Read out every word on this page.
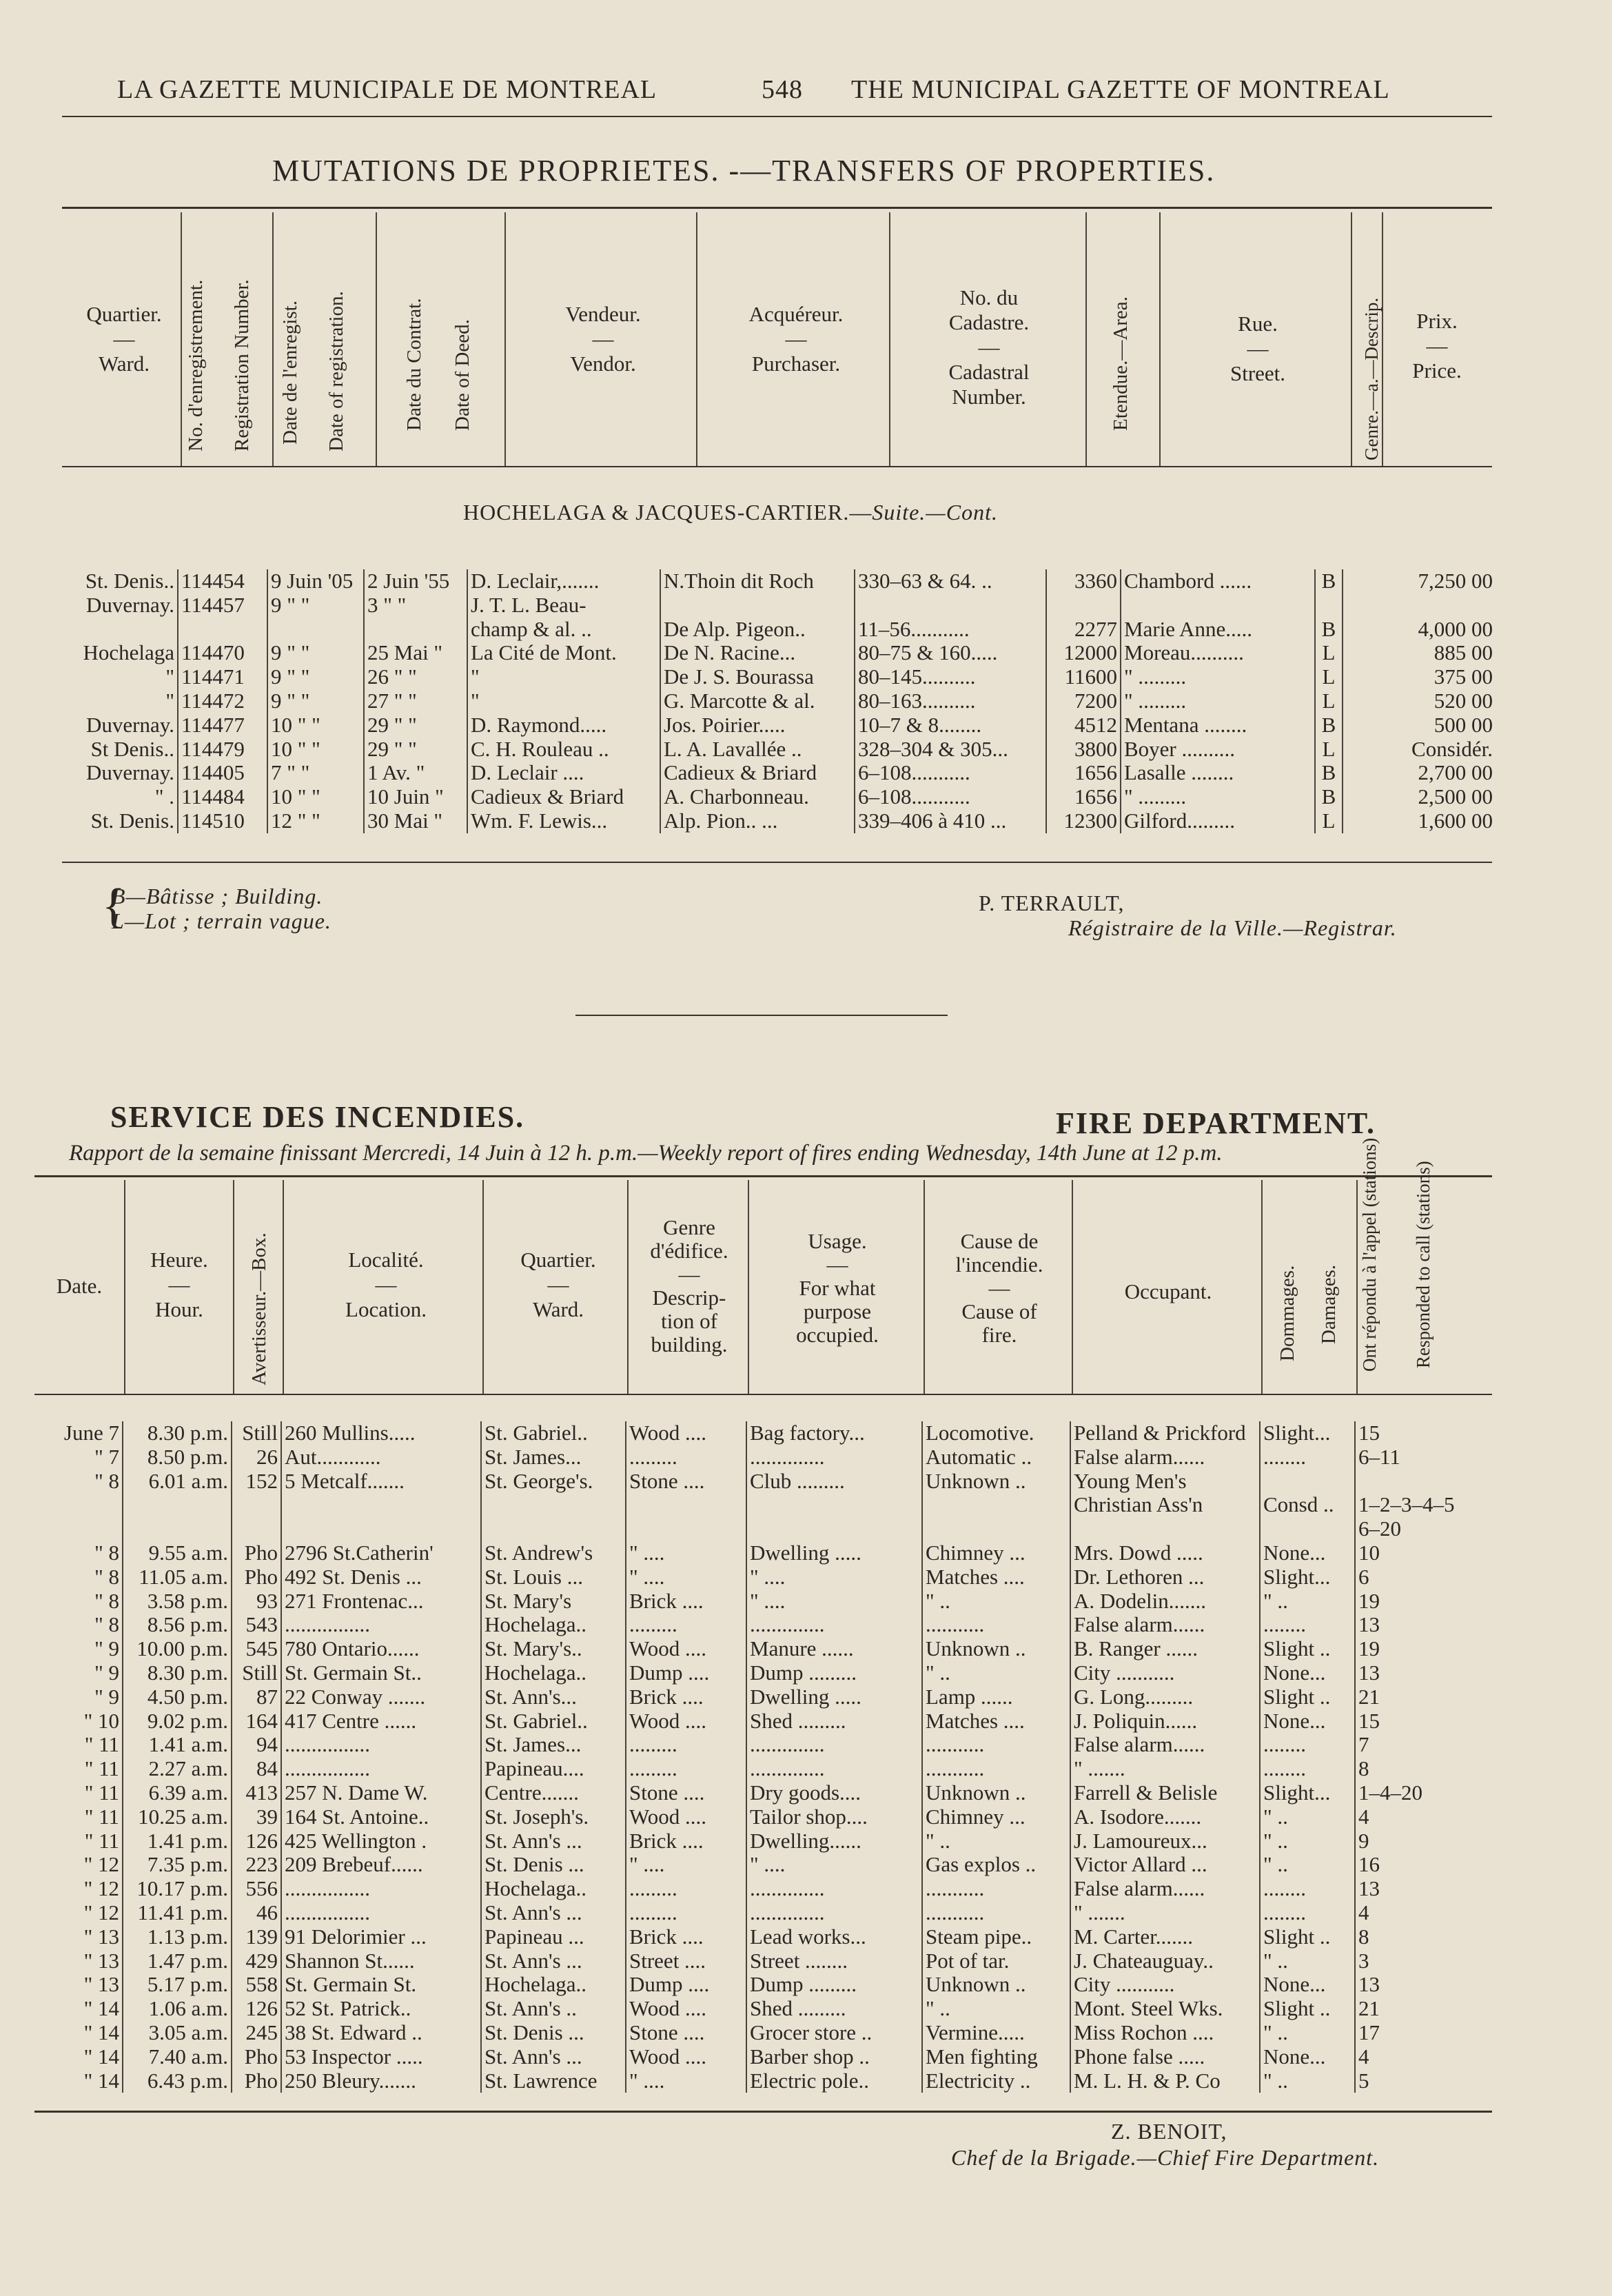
LA GAZETTE MUNICIPALE DE MONTREAL	548 THE MUNICIPAL GAZETTE OF MONTREAL
MUTATIONS DE PROPRIETES. -—TRANSFERS OF PROPERTIES.
Quartier.
—
Ward.	No. d'enregistrement. Registration Number. Date de l'enregist. Date of registration.	Date du Contrat. Date of Deed.
Vendeur.
—
Vendor.
Acquéreur.
—
Purchaser.
No. du
Cadastre.
—
Cadastral
Number.	Etendue.—Area.	Rue.
—
Street.	Genre.—a.—Descrip.	Prix.
—
Price.
HOCHELAGA & JACQUES-CARTIER.—Suite.—Cont.
St. Denis..	114454	9 Juin '05	2 Juin '55	D. Leclair,.......	N.Thoin dit Roch	330–63 & 64. ..	3360	Chambord ......	B	7,250 00
Duvernay.	114457	9 " "	3 " "	J. T. L. Beau-						
				champ & al. ..	De Alp. Pigeon..	11–56...........	2277	Marie Anne.....	B	4,000 00
Hochelaga	114470	9 " "	25 Mai "	La Cité de Mont.	De N. Racine...	80–75 & 160.....	12000	Moreau..........	L	885 00
"	114471	9 " "	26 " "	"	De J. S. Bourassa	80–145..........	11600	" .........	L	375 00
"	114472	9 " "	27 " "	"	G. Marcotte & al.	80–163..........	7200	" .........	L	520 00
Duvernay.	114477	10 " "	29 " "	D. Raymond.....	Jos. Poirier.....	10–7 & 8........	4512	Mentana ........	B	500 00
St Denis..	114479	10 " "	29 " "	C. H. Rouleau ..	L. A. Lavallée ..	328–304 & 305...	3800	Boyer ..........	L	Considér.
Duvernay.	114405	7 " "	1 Av. "	D. Leclair ....	Cadieux & Briard	6–108...........	1656	Lasalle ........	B	2,700 00
" .	114484	10 " "	10 Juin "	Cadieux & Briard	A. Charbonneau.	6–108...........	1656	" .........	B	2,500 00
St. Denis.	114510	12 " "	30 Mai "	Wm. F. Lewis...	Alp. Pion.. ...	339–406 à 410 ...	12300	Gilford.........	L	1,600 00
B—Bâtisse ; Building.
L—Lot ; terrain vague.
{	P. TERRAULT,
Régistraire de la Ville.—Registrar.
SERVICE DES INCENDIES.	FIRE DEPARTMENT.
Rapport de la semaine finissant Mercredi, 14 Juin à 12 h. p.m.—Weekly report of fires ending Wednesday, 14th June at 12 p.m.
Date.
Heure.
—
Hour.	Avertisseur.—Box.	Localité.
—
Location.
Quartier.
—
Ward.
Genre
d'édifice.
—
Descrip-
tion of
building.
Usage.
—
For what
purpose
occupied.
Cause de
l'incendie.
—
Cause of
fire.
Occupant.	Dommages. Damages. Ont répondu à l'appel (stations) Responded to call (stations)
June 7	8.30 p.m.	Still	260 Mullins.....	St. Gabriel..	Wood ....	Bag factory...	Locomotive.	Pelland & Prickford	Slight...	15
" 7	8.50 p.m.	26	Aut............	St. James...	.........	..............	Automatic ..	False alarm......	........	6–11
" 8	6.01 a.m.	152	5 Metcalf.......	St. George's.	Stone ....	Club .........	Unknown ..	Young Men's		
								Christian Ass'n	Consd ..	1–2–3–4–5
										6–20
" 8	9.55 a.m.	Pho	2796 St.Catherin'	St. Andrew's	" ....	Dwelling .....	Chimney ...	Mrs. Dowd .....	None...	10
" 8	11.05 a.m.	Pho	492 St. Denis ...	St. Louis ...	" ....	" ....	Matches ....	Dr. Lethoren ...	Slight...	6
" 8	3.58 p.m.	93	271 Frontenac...	St. Mary's	Brick ....	" ....	" ..	A. Dodelin.......	" ..	19
" 8	8.56 p.m.	543	................	Hochelaga..	.........	..............	...........	False alarm......	........	13
" 9	10.00 p.m.	545	780 Ontario......	St. Mary's..	Wood ....	Manure ......	Unknown ..	B. Ranger ......	Slight ..	19
" 9	8.30 p.m.	Still	St. Germain St..	Hochelaga..	Dump ....	Dump .........	" ..	City ...........	None...	13
" 9	4.50 p.m.	87	22 Conway .......	St. Ann's...	Brick ....	Dwelling .....	Lamp ......	G. Long.........	Slight ..	21
" 10	9.02 p.m.	164	417 Centre ......	St. Gabriel..	Wood ....	Shed .........	Matches ....	J. Poliquin......	None...	15
" 11	1.41 a.m.	94	................	St. James...	.........	..............	...........	False alarm......	........	7
" 11	2.27 a.m.	84	................	Papineau....	.........	..............	...........	" .......	........	8
" 11	6.39 a.m.	413	257 N. Dame W.	Centre.......	Stone ....	Dry goods....	Unknown ..	Farrell & Belisle	Slight...	1–4–20
" 11	10.25 a.m.	39	164 St. Antoine..	St. Joseph's.	Wood ....	Tailor shop....	Chimney ...	A. Isodore.......	" ..	4
" 11	1.41 p.m.	126	425 Wellington .	St. Ann's ...	Brick ....	Dwelling......	" ..	J. Lamoureux...	" ..	9
" 12	7.35 p.m.	223	209 Brebeuf......	St. Denis ...	" ....	" ....	Gas explos ..	Victor Allard ...	" ..	16
" 12	10.17 p.m.	556	................	Hochelaga..	.........	..............	...........	False alarm......	........	13
" 12	11.41 p.m.	46	................	St. Ann's ...	.........	..............	...........	" .......	........	4
" 13	1.13 p.m.	139	91 Delorimier ...	Papineau ...	Brick ....	Lead works...	Steam pipe..	M. Carter.......	Slight ..	8
" 13	1.47 p.m.	429	Shannon St......	St. Ann's ...	Street ....	Street ........	Pot of tar.	J. Chateauguay..	" ..	3
" 13	5.17 p.m.	558	St. Germain St.	Hochelaga..	Dump ....	Dump .........	Unknown ..	City ...........	None...	13
" 14	1.06 a.m.	126	52 St. Patrick..	St. Ann's ..	Wood ....	Shed .........	" ..	Mont. Steel Wks.	Slight ..	21
" 14	3.05 a.m.	245	38 St. Edward ..	St. Denis ...	Stone ....	Grocer store ..	Vermine.....	Miss Rochon ....	" ..	17
" 14	7.40 a.m.	Pho	53 Inspector .....	St. Ann's ...	Wood ....	Barber shop ..	Men fighting	Phone false .....	None...	4
" 14	6.43 p.m.	Pho	250 Bleury.......	St. Lawrence	" ....	Electric pole..	Electricity ..	M. L. H. & P. Co	" ..	5
Z. BENOIT,
Chef de la Brigade.—Chief Fire Department.
